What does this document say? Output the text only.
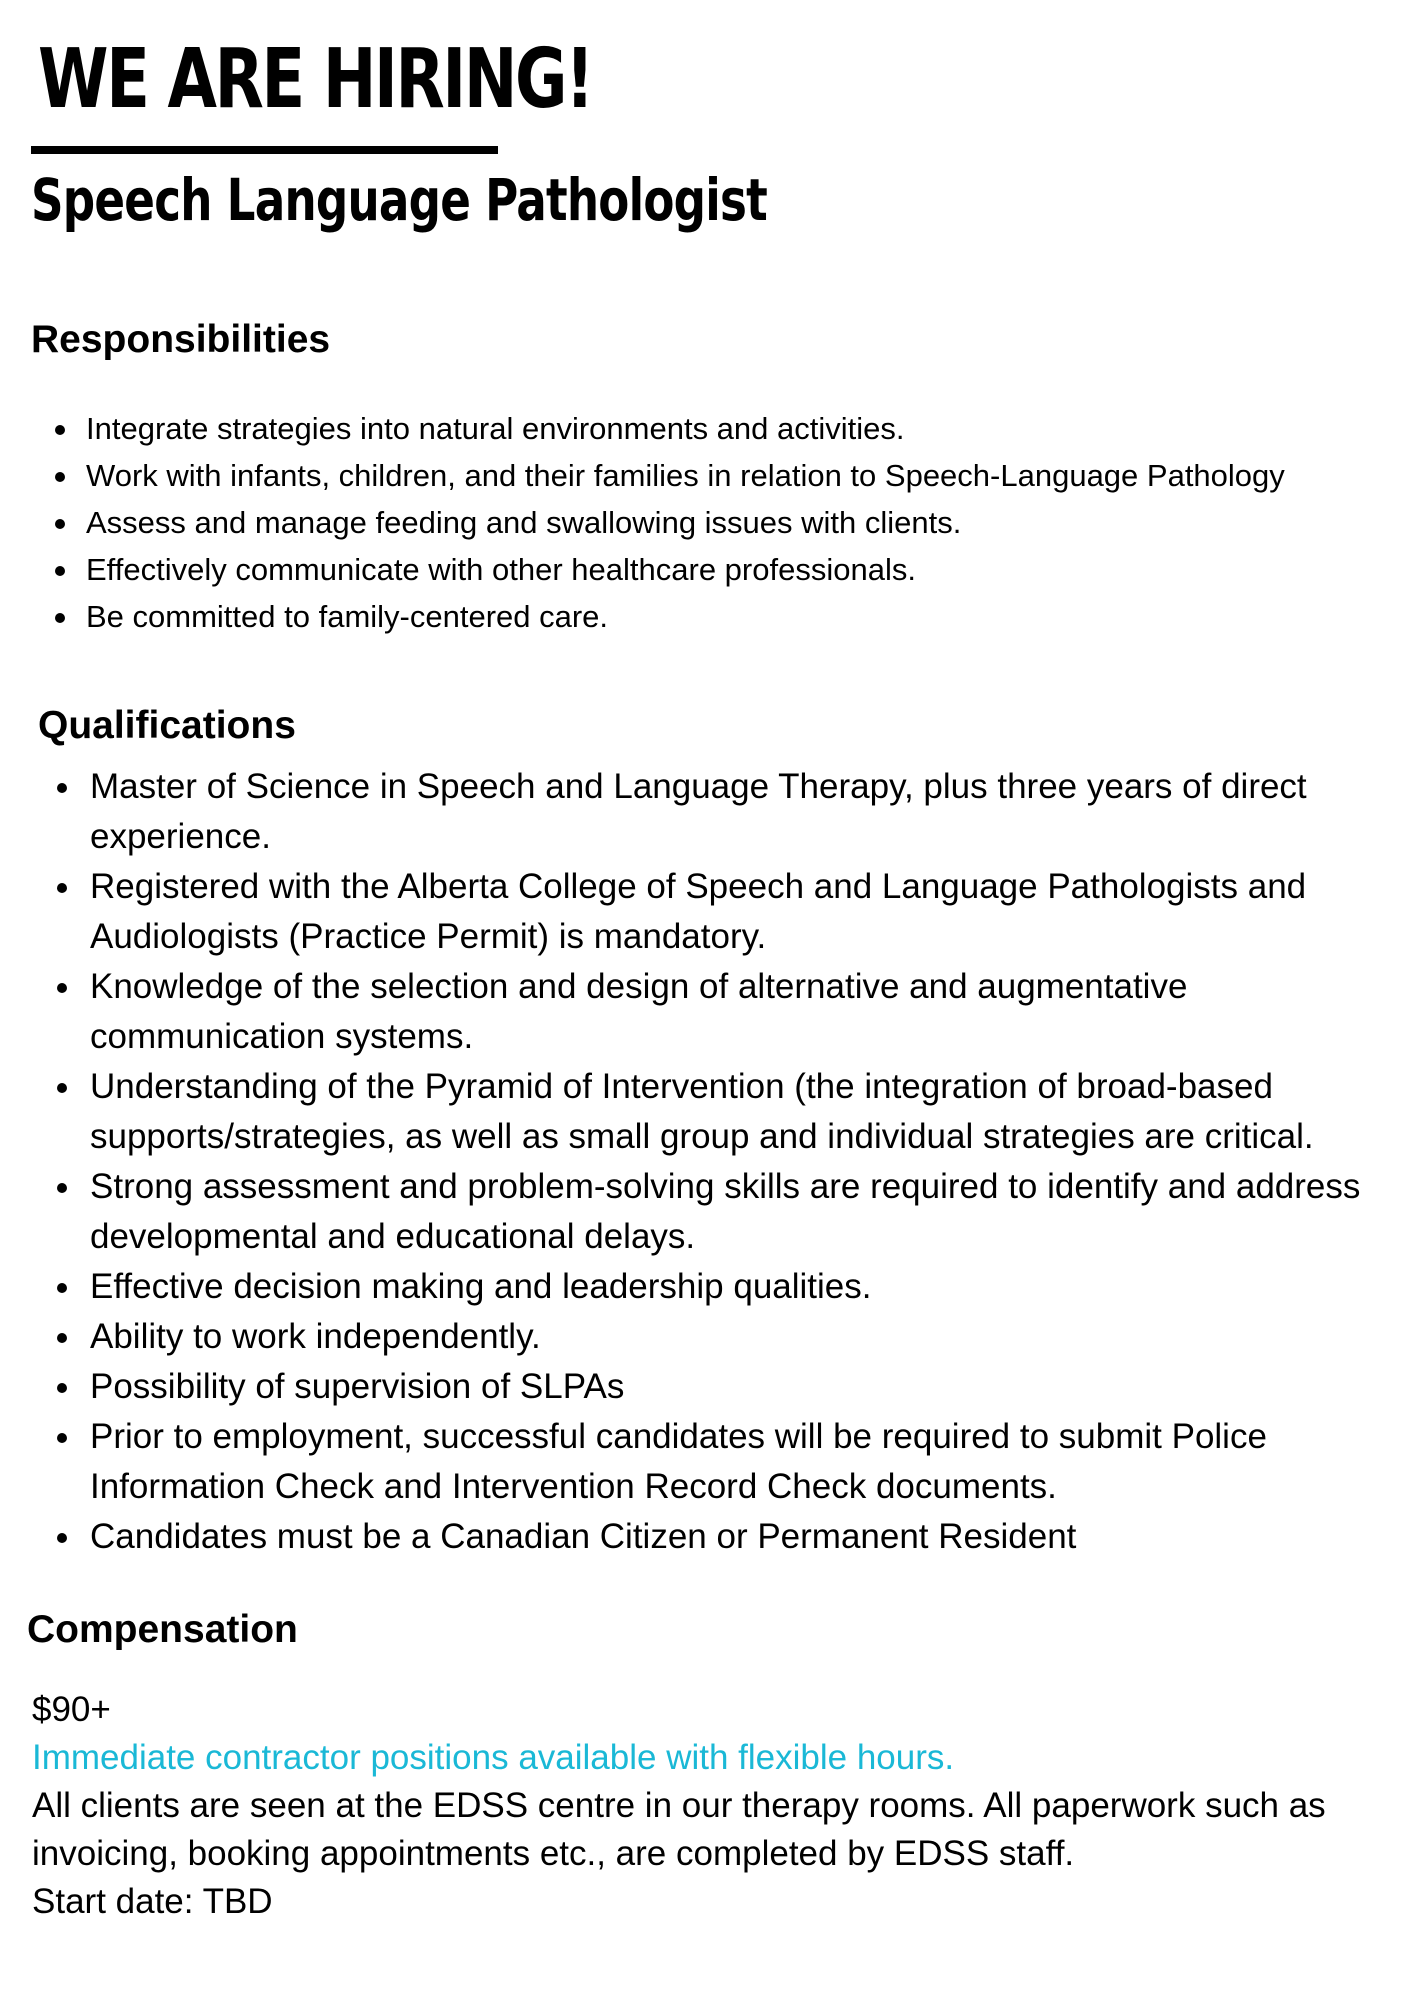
WE ARE HIRING!
Speech Language Pathologist
Responsibilities
Integrate strategies into natural environments and activities.
Work with infants, children, and their families in relation to Speech-Language Pathology
Assess and manage feeding and swallowing issues with clients.
Effectively communicate with other healthcare professionals.
Be committed to family-centered care.
Qualifications
Master of Science in Speech and Language Therapy, plus three years of direct experience.
Registered with the Alberta College of Speech and Language Pathologists and Audiologists (Practice Permit) is mandatory.
Knowledge of the selection and design of alternative and augmentative communication systems.
Understanding of the Pyramid of Intervention (the integration of broad-based supports/strategies, as well as small group and individual strategies are critical.
Strong assessment and problem-solving skills are required to identify and address developmental and educational delays.
Effective decision making and leadership qualities.
Ability to work independently.
Possibility of supervision of SLPAs
Prior to employment, successful candidates will be required to submit Police Information Check and Intervention Record Check documents.
Candidates must be a Canadian Citizen or Permanent Resident
Compensation

$90+

Immediate contractor positions available with flexible hours.

All clients are seen at the EDSS centre in our therapy rooms. All paperwork such as invoicing, booking appointments etc., are completed by EDSS staff.

Start date: TBD
